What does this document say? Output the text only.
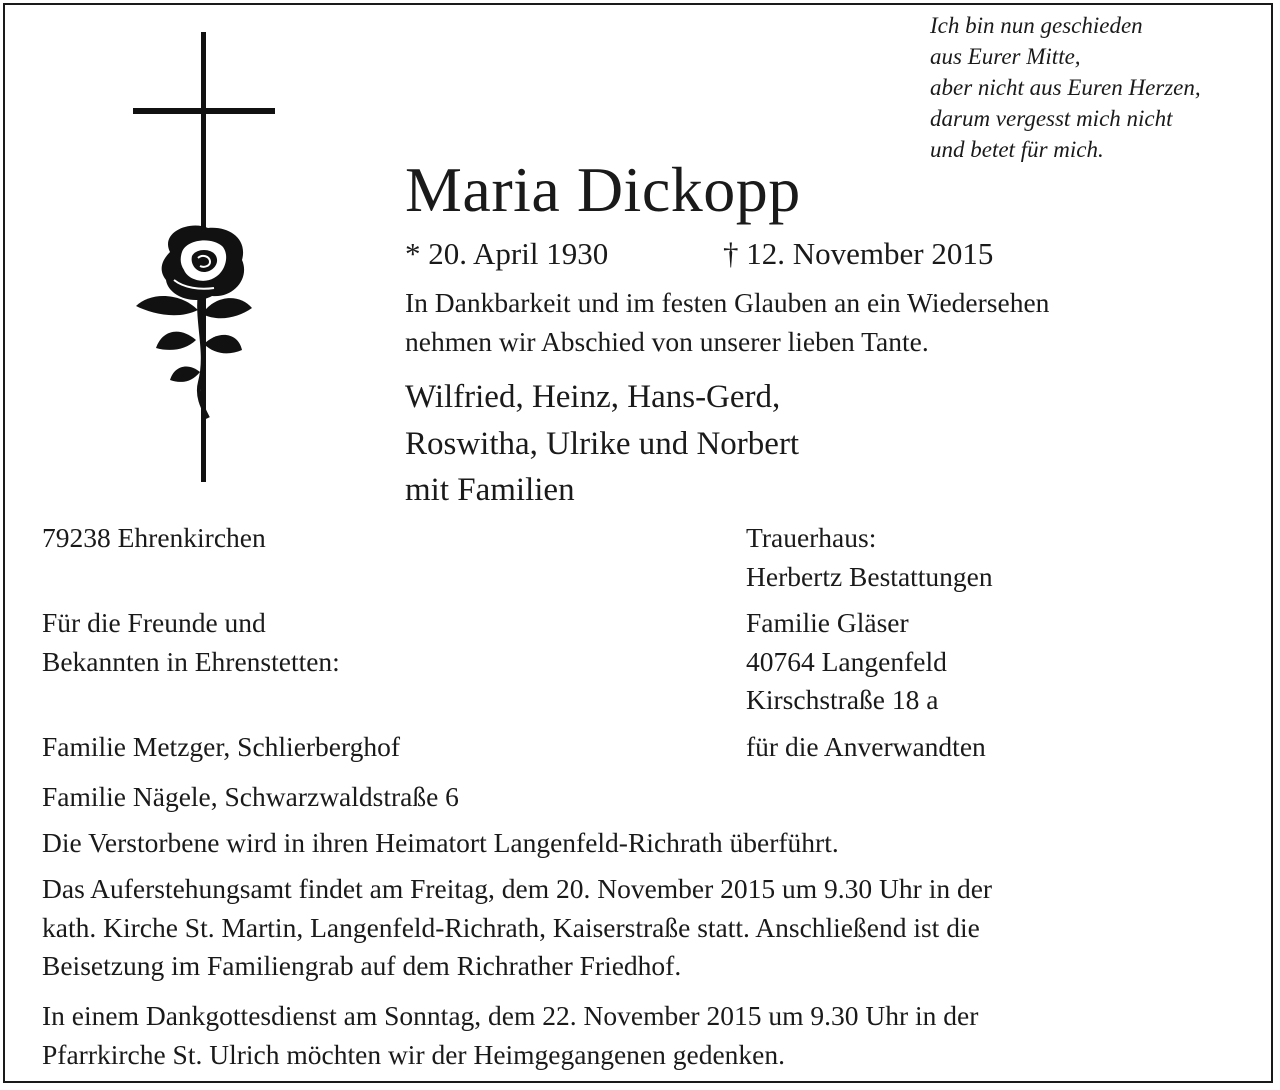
Ich bin nun geschieden
aus Eurer Mitte,
aber nicht aus Euren Herzen,
darum vergesst mich nicht
und betet für mich.
Maria Dickopp
* 20. April 1930	† 12. November 2015
In Dankbarkeit und im festen Glauben an ein Wiedersehen
nehmen wir Abschied von unserer lieben Tante.
Wilfried, Heinz, Hans-Gerd,
Roswitha, Ulrike und Norbert
mit Familien
79238 Ehrenkirchen
Für die Freunde und
Bekannten in Ehrenstetten:
Familie Metzger, Schlierberghof
Familie Nägele, Schwarzwaldstraße 6
Trauerhaus:
Herbertz Bestattungen
Familie Gläser
40764 Langenfeld
Kirschstraße 18 a
für die Anverwandten
Die Verstorbene wird in ihren Heimatort Langenfeld-Richrath überführt.
Das Auferstehungsamt findet am Freitag, dem 20. November 2015 um 9.30 Uhr in der
kath. Kirche St. Martin, Langenfeld-Richrath, Kaiserstraße statt. Anschließend ist die
Beisetzung im Familiengrab auf dem Richrather Friedhof.
In einem Dankgottesdienst am Sonntag, dem 22. November 2015 um 9.30 Uhr in der
Pfarrkirche St. Ulrich möchten wir der Heimgegangenen gedenken.
